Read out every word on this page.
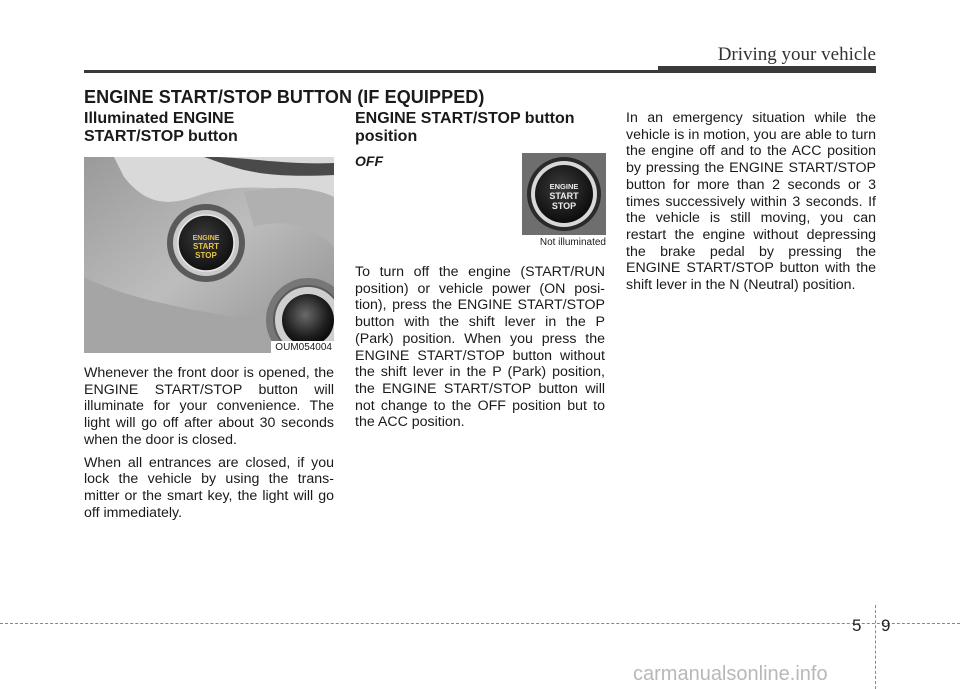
Driving your vehicle
ENGINE START/STOP BUTTON (IF EQUIPPED)
Illuminated ENGINE START/STOP button
ENGINE
START
STOP
OUM054004

Whenever the front door is opened, the ENGINE START/STOP button will illuminate for your convenience. The light will go off after about 30 seconds when the door is closed.

When all entrances are closed, if you lock the vehicle by using the trans-mitter or the smart key, the light will go off immediately.

ENGINE START/STOP button position
OFF
ENGINE
START
STOP
Not illuminated

To turn off the engine (START/RUN position) or vehicle power (ON posi-tion), press the ENGINE START/STOP button with the shift lever in the P (Park) position. When you press the ENGINE START/STOP button without the shift lever in the P (Park) position, the ENGINE START/STOP button will not change to the OFF position but to the ACC position.

In an emergency situation while the vehicle is in motion, you are able to turn the engine off and to the ACC position by pressing the ENGINE START/STOP button for more than 2 seconds or 3 times successively within 3 seconds. If the vehicle is still moving, you can restart the engine without depressing the brake pedal by pressing the ENGINE START/STOP button with the shift lever in the N (Neutral) position.

5 9
carmanualsonline.info
